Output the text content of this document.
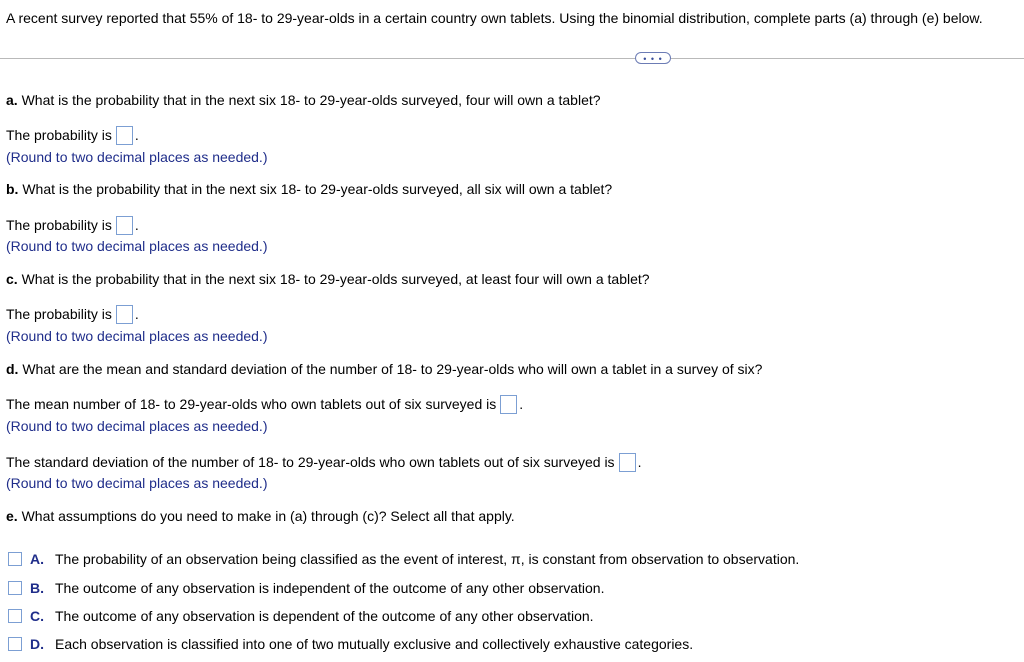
A recent survey reported that 55% of 18- to 29-year-olds in a certain country own tablets. Using the binomial distribution, complete parts (a) through (e) below.
• • •
a. What is the probability that in the next six 18- to 29-year-olds surveyed, four will own a tablet?
The probability is .
(Round to two decimal places as needed.)
b. What is the probability that in the next six 18- to 29-year-olds surveyed, all six will own a tablet?
The probability is .
(Round to two decimal places as needed.)
c. What is the probability that in the next six 18- to 29-year-olds surveyed, at least four will own a tablet?
The probability is .
(Round to two decimal places as needed.)
d. What are the mean and standard deviation of the number of 18- to 29-year-olds who will own a tablet in a survey of six?
The mean number of 18- to 29-year-olds who own tablets out of six surveyed is .
(Round to two decimal places as needed.)
The standard deviation of the number of 18- to 29-year-olds who own tablets out of six surveyed is .
(Round to two decimal places as needed.)
e. What assumptions do you need to make in (a) through (c)? Select all that apply.
A. The probability of an observation being classified as the event of interest, π, is constant from observation to observation.
B. The outcome of any observation is independent of the outcome of any other observation.
C. The outcome of any observation is dependent of the outcome of any other observation.
D. Each observation is classified into one of two mutually exclusive and collectively exhaustive categories.
